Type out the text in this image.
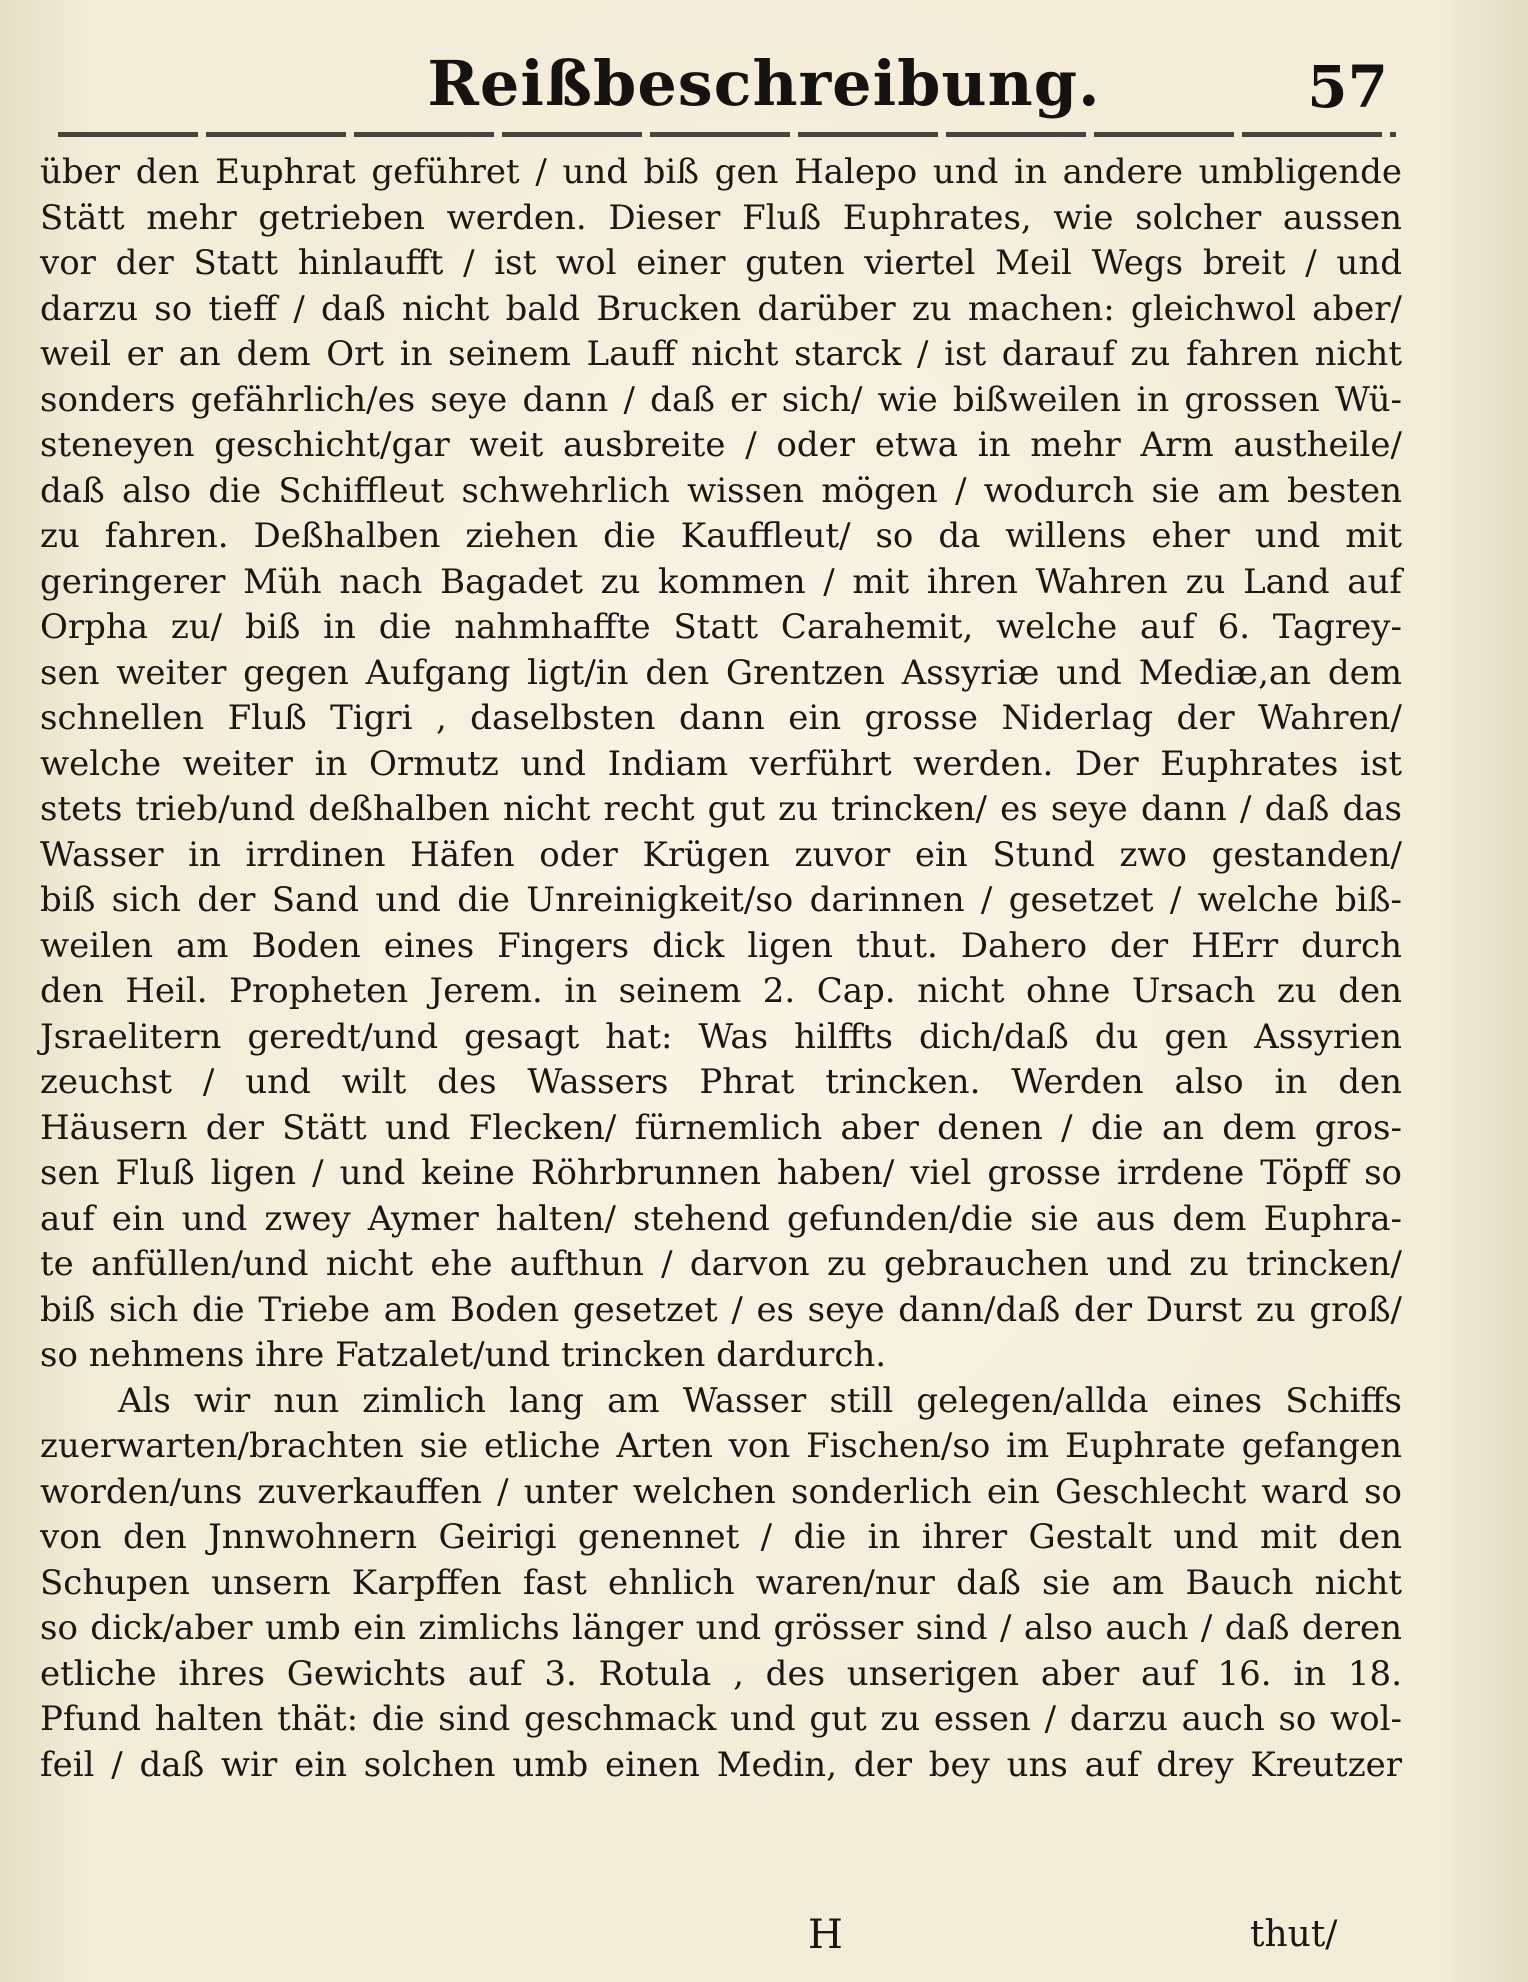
Reißbeschreibung.	57
über den Euphrat geführet / und biß gen Halepo und in andere umbligende
Stätt mehr getrieben werden. Dieser Fluß Euphrates, wie solcher aussen
vor der Statt hinlaufft / ist wol einer guten viertel Meil Wegs breit / und
darzu so tieff / daß nicht bald Brucken darüber zu machen: gleichwol aber/
weil er an dem Ort in seinem Lauff nicht starck / ist darauf zu fahren nicht
sonders gefährlich/es seye dann / daß er sich/ wie bißweilen in grossen Wü-
steneyen geschicht/gar weit ausbreite / oder etwa in mehr Arm austheile/
daß also die Schiffleut schwehrlich wissen mögen / wodurch sie am besten
zu fahren. Deßhalben ziehen die Kauffleut/ so da willens eher und mit
geringerer Müh nach Bagadet zu kommen / mit ihren Wahren zu Land auf
Orpha zu/ biß in die nahmhaffte Statt Carahemit, welche auf 6. Tagrey-
sen weiter gegen Aufgang ligt/in den Grentzen Assyriæ und Mediæ,an dem
schnellen Fluß Tigri , daselbsten dann ein grosse Niderlag der Wahren/
welche weiter in Ormutz und Indiam verführt werden. Der Euphrates ist
stets trieb/und deßhalben nicht recht gut zu trincken/ es seye dann / daß das
Wasser in irrdinen Häfen oder Krügen zuvor ein Stund zwo gestanden/
biß sich der Sand und die Unreinigkeit/so darinnen / gesetzet / welche biß-
weilen am Boden eines Fingers dick ligen thut. Dahero der HErr durch
den Heil. Propheten Jerem. in seinem 2. Cap. nicht ohne Ursach zu den
Jsraelitern geredt/und gesagt hat: Was hilffts dich/daß du gen Assyrien
zeuchst / und wilt des Wassers Phrat trincken. Werden also in den
Häusern der Stätt und Flecken/ fürnemlich aber denen / die an dem gros-
sen Fluß ligen / und keine Röhrbrunnen haben/ viel grosse irrdene Töpff so
auf ein und zwey Aymer halten/ stehend gefunden/die sie aus dem Euphra-
te anfüllen/und nicht ehe aufthun / darvon zu gebrauchen und zu trincken/
biß sich die Triebe am Boden gesetzet / es seye dann/daß der Durst zu groß/
so nehmens ihre Fatzalet/und trincken dardurch.
Als wir nun zimlich lang am Wasser still gelegen/allda eines Schiffs
zuerwarten/brachten sie etliche Arten von Fischen/so im Euphrate gefangen
worden/uns zuverkauffen / unter welchen sonderlich ein Geschlecht ward so
von den Jnnwohnern Geirigi genennet / die in ihrer Gestalt und mit den
Schupen unsern Karpffen fast ehnlich waren/nur daß sie am Bauch nicht
so dick/aber umb ein zimlichs länger und grösser sind / also auch / daß deren
etliche ihres Gewichts auf 3. Rotula , des unserigen aber auf 16. in 18.
Pfund halten thät: die sind geschmack und gut zu essen / darzu auch so wol-
feil / daß wir ein solchen umb einen Medin, der bey uns auf drey Kreutzer
H	thut/
